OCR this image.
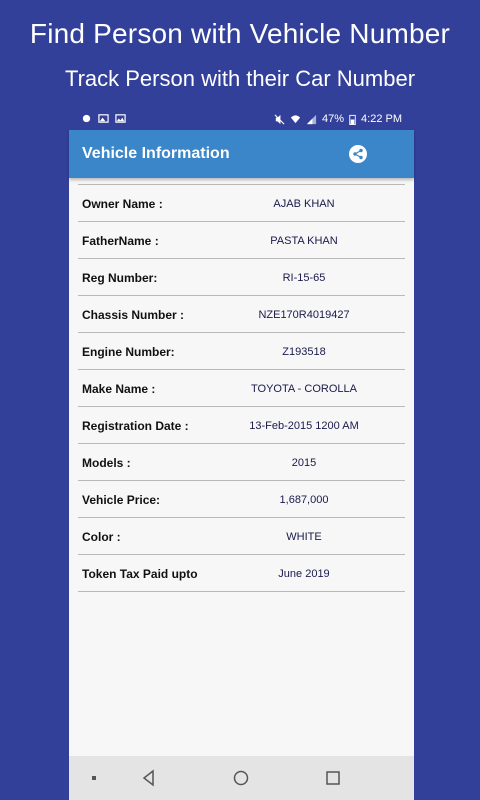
Find Person with Vehicle Number
Track Person with their Car Number
47% 4:22 PM
Vehicle Information
Owner Name :	AJAB KHAN
FatherName :	PASTA KHAN
Reg Number:	RI-15-65
Chassis Number :	NZE170R4019427
Engine Number:	Z193518
Make Name :	TOYOTA - COROLLA
Registration Date :	13-Feb-2015 1200 AM
Models :	2015
Vehicle Price:	1,687,000
Color :	WHITE
Token Tax Paid upto	June 2019
